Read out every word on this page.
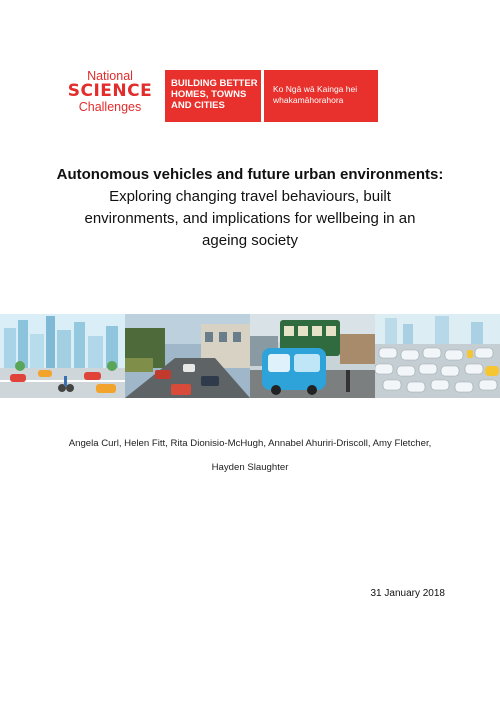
National
SCIENCE
Challenges
BUILDING BETTER
HOMES, TOWNS
AND CITIES
Ko Ngā wā Kainga hei
whakamāhorahora

Autonomous vehicles and future urban environments:

Exploring changing travel behaviours, built

environments, and implications for wellbeing in an

ageing society

Angela Curl, Helen Fitt, Rita Dionisio-McHugh, Annabel Ahuriri-Driscoll, Amy Fletcher,
Hayden Slaughter
31 January 2018
